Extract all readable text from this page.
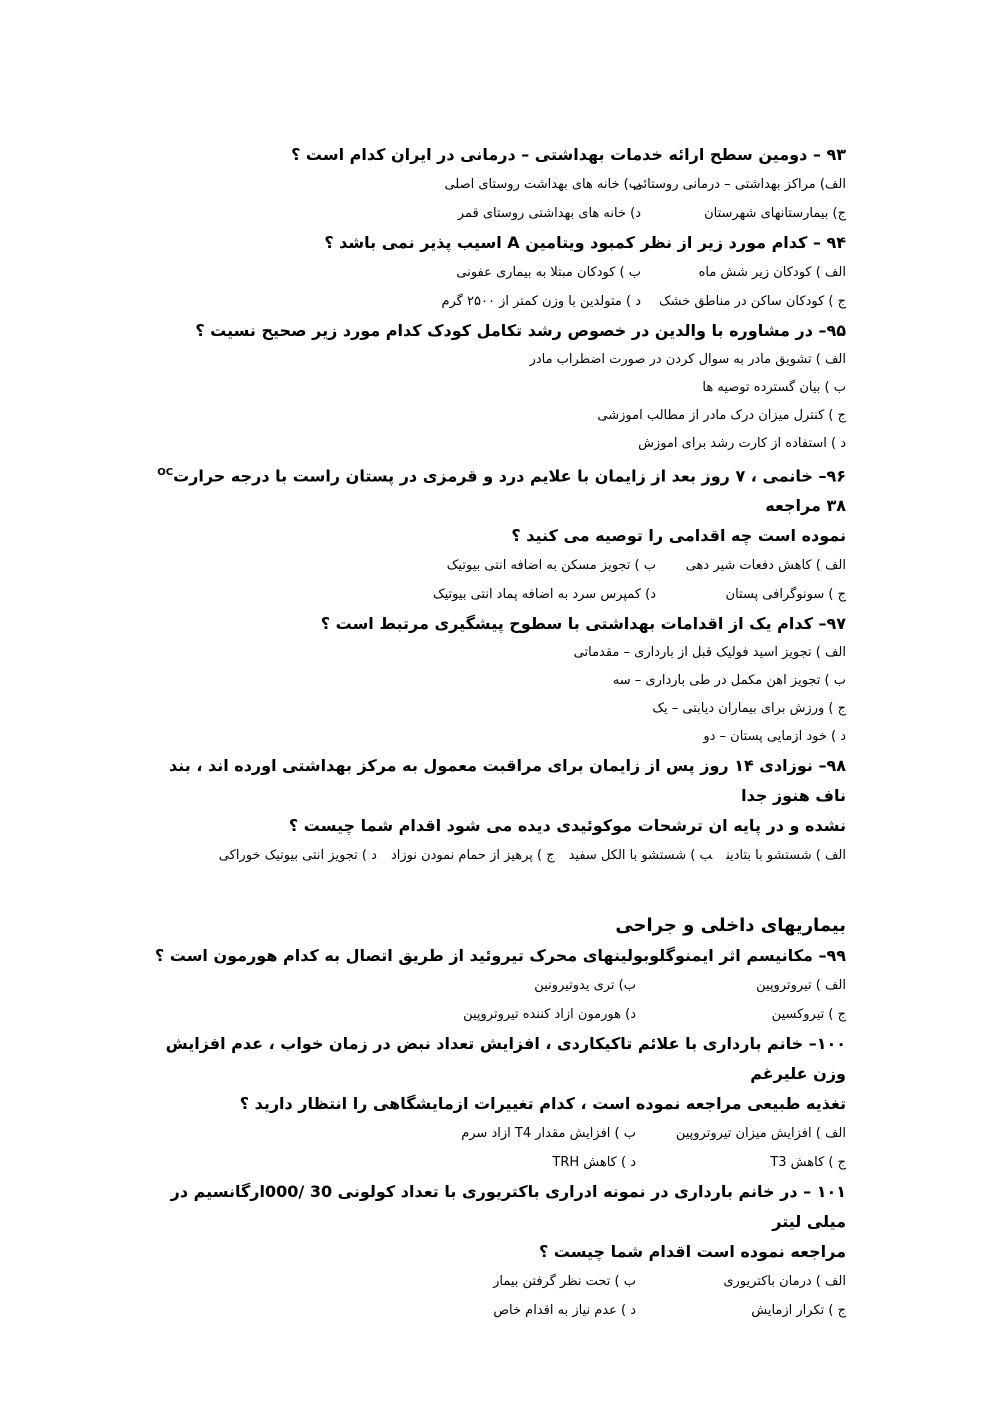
۹۳ – دومین سطح ارائه خدمات بهداشتی – درمانی در ایران کدام است ؟
الف) مراکز بهداشتی – درمانی روستائی
ب) خانه های بهداشت روستای اصلی
ج) بیمارستانهای شهرستان
د) خانه های بهداشتی روستای قمر
۹۴ – کدام مورد زیر از نظر کمبود ویتامین A اسیب پذیر نمی باشد ؟
الف ) کودکان زیر شش ماه
ب ) کودکان مبتلا به بیماری عفونی
ج ) کودکان ساکن در مناطق خشک
د ) متولدین با وزن کمتر از ۲۵۰۰ گرم
۹۵– در مشاوره با والدین در خصوص رشد تکامل کودک کدام مورد زیر صحیح نسیت ؟
الف ) تشویق مادر به سوال کردن در صورت اضطراب مادر
ب ) بیان گسترده توصیه ها
ج ) کنترل میزان درک مادر از مطالب اموزشی
د ) استفاده از کارت رشد برای اموزش
۹۶– خانمی ، ۷ روز بعد از زایمان با علایم درد و قرمزی در پستان راست با درجه حرارت$^{OC}$ ۳۸ مراجعه
نموده است چه اقدامی را توصیه می کنید ؟
الف ) کاهش دفعات شیر دهی
ب ) تجویز مسکن به اضافه انتی بیوتیک
ج ) سونوگرافی پستان
د) کمپرس سرد به اضافه پماد انتی بیوتیک
۹۷– کدام یک از اقدامات بهداشتی با سطوح پیشگیری مرتبط است ؟
الف ) تجویز اسید فولیک قبل از بارداری – مقدماتی
ب ) تجویز اهن مکمل در طی بارداری – سه
ج ) ورزش برای بیماران دیابتی – یک
د ) خود ازمایی پستان – دو
۹۸– نوزادی ۱۴ روز پس از زایمان برای مراقبت معمول به مرکز بهداشتی اورده اند ، بند ناف هنوز جدا
نشده و در پایه ان ترشحات موکوئیدی دیده می شود اقدام شما چیست ؟
الف ) شستشو با بتادینب ) شستشو با الکل سفیدج ) پرهیز از حمام نمودن نوزادد ) تجویز انتی بیوتیک خوراکی
بیماریهای داخلی و جراحی
۹۹– مکانیسم اثر ایمنوگلوبولینهای محرک تیروئید از طریق اتصال به کدام هورمون است ؟
الف ) تیروتروپین
ب) تری یدوتیرونین
ج ) تیروکسین
د) هورمون ازاد کننده تیروتروپین
۱۰۰– خانم بارداری با علائم تاکیکاردی ، افزایش تعداد نبض در زمان خواب ، عدم افزایش وزن علیرغم
تغذیه طبیعی مراجعه نموده است ، کدام تغییرات ازمایشگاهی را انتظار دارید ؟
الف ) افزایش میزان تیروتروپین
ب ) افزایش مقدار T4 ازاد سرم
ج ) کاهش T3
د ) کاهش TRH
۱۰۱ – در خانم بارداری در نمونه ادراری باکتریوری با تعداد کولونی 30 /000ارگانسیم در میلی لیتر
مراجعه نموده است اقدام شما چیست ؟
الف ) درمان باکتریوری
ب ) تحت نظر گرفتن بیمار
ج ) تکرار ازمایش
د ) عدم نیاز به اقدام خاص
